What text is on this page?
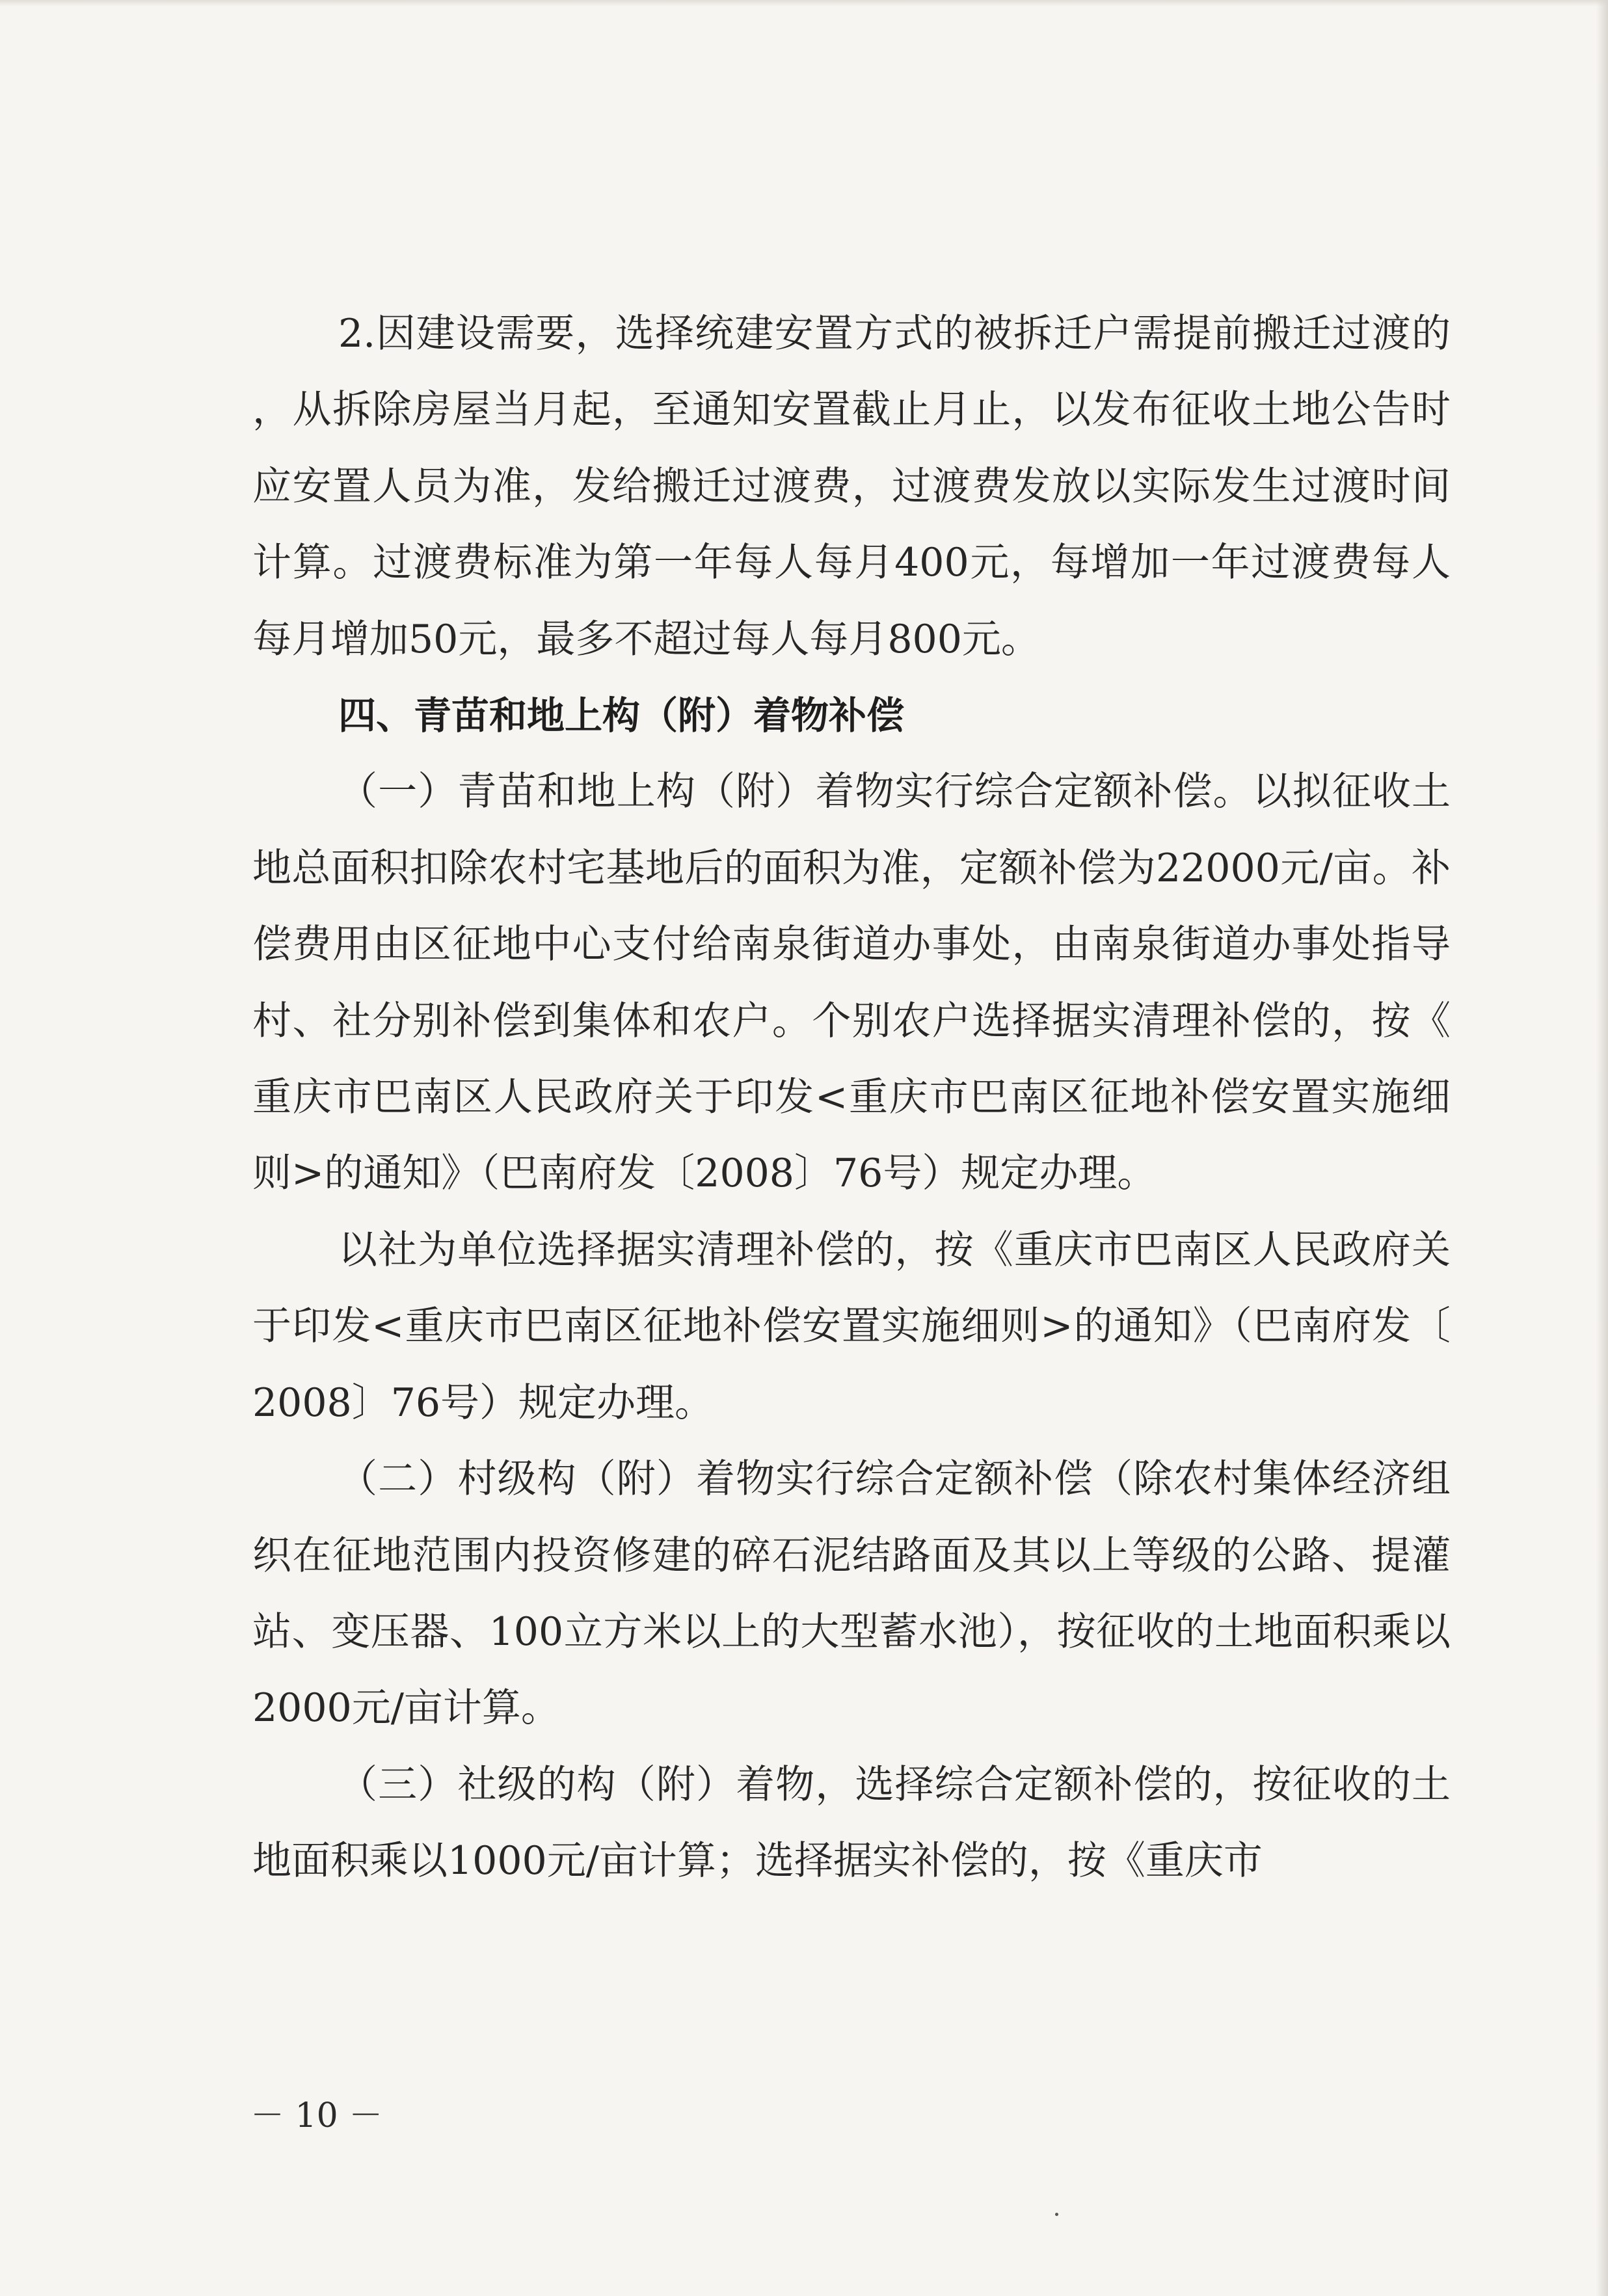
2.因建设需要，选择统建安置方式的被拆迁户需提前搬迁过渡的，从拆除房屋当月起，至通知安置截止月止，以发布征收土地公告时应安置人员为准，发给搬迁过渡费，过渡费发放以实际发生过渡时间计算。过渡费标准为第一年每人每月400元，每增加一年过渡费每人每月增加50元，最多不超过每人每月800元。

四、青苗和地上构（附）着物补偿

（一）青苗和地上构（附）着物实行综合定额补偿。以拟征收土地总面积扣除农村宅基地后的面积为准，定额补偿为22000元/亩。补偿费用由区征地中心支付给南泉街道办事处，由南泉街道办事处指导村、社分别补偿到集体和农户。个别农户选择据实清理补偿的，按《重庆市巴南区人民政府关于印发<重庆市巴南区征地补偿安置实施细则>的通知》（巴南府发〔2008〕76号）规定办理。

以社为单位选择据实清理补偿的，按《重庆市巴南区人民政府关于印发<重庆市巴南区征地补偿安置实施细则>的通知》（巴南府发〔2008〕76号）规定办理。

（二）村级构（附）着物实行综合定额补偿（除农村集体经济组织在征地范围内投资修建的碎石泥结路面及其以上等级的公路、提灌站、变压器、100立方米以上的大型蓄水池），按征收的土地面积乘以2000元/亩计算。

（三）社级的构（附）着物，选择综合定额补偿的，按征收的土地面积乘以1000元/亩计算；选择据实补偿的，按《重庆市

－ 10 －
